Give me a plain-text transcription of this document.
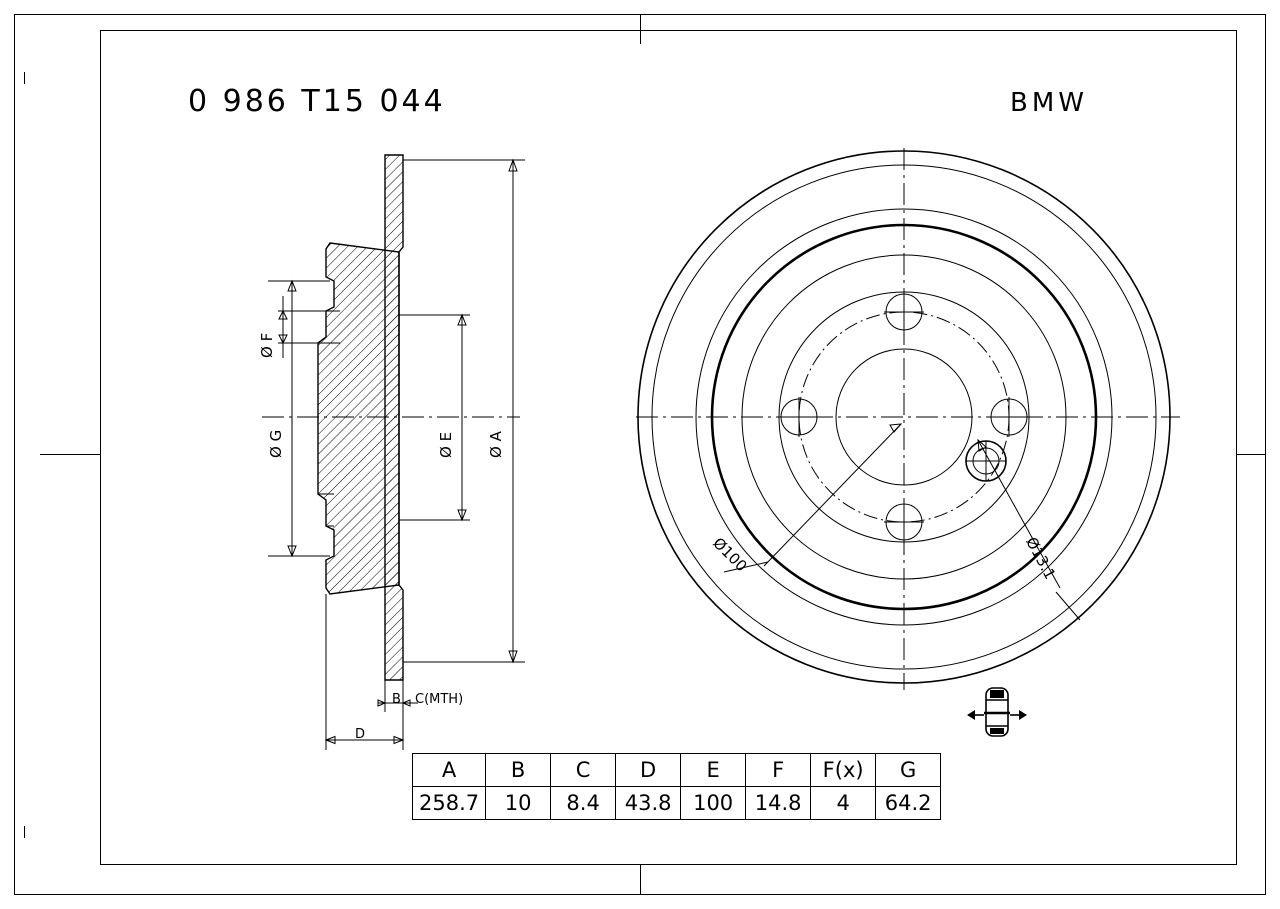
0 986 T15 044	BMW
Ø F
Ø G	Ø E Ø A
B C(MTH)
D
Ø100	Ø13.1
A	B	C	D	E	F	F(x)	G
258.7	10	8.4	43.8	100	14.8	4	64.2
